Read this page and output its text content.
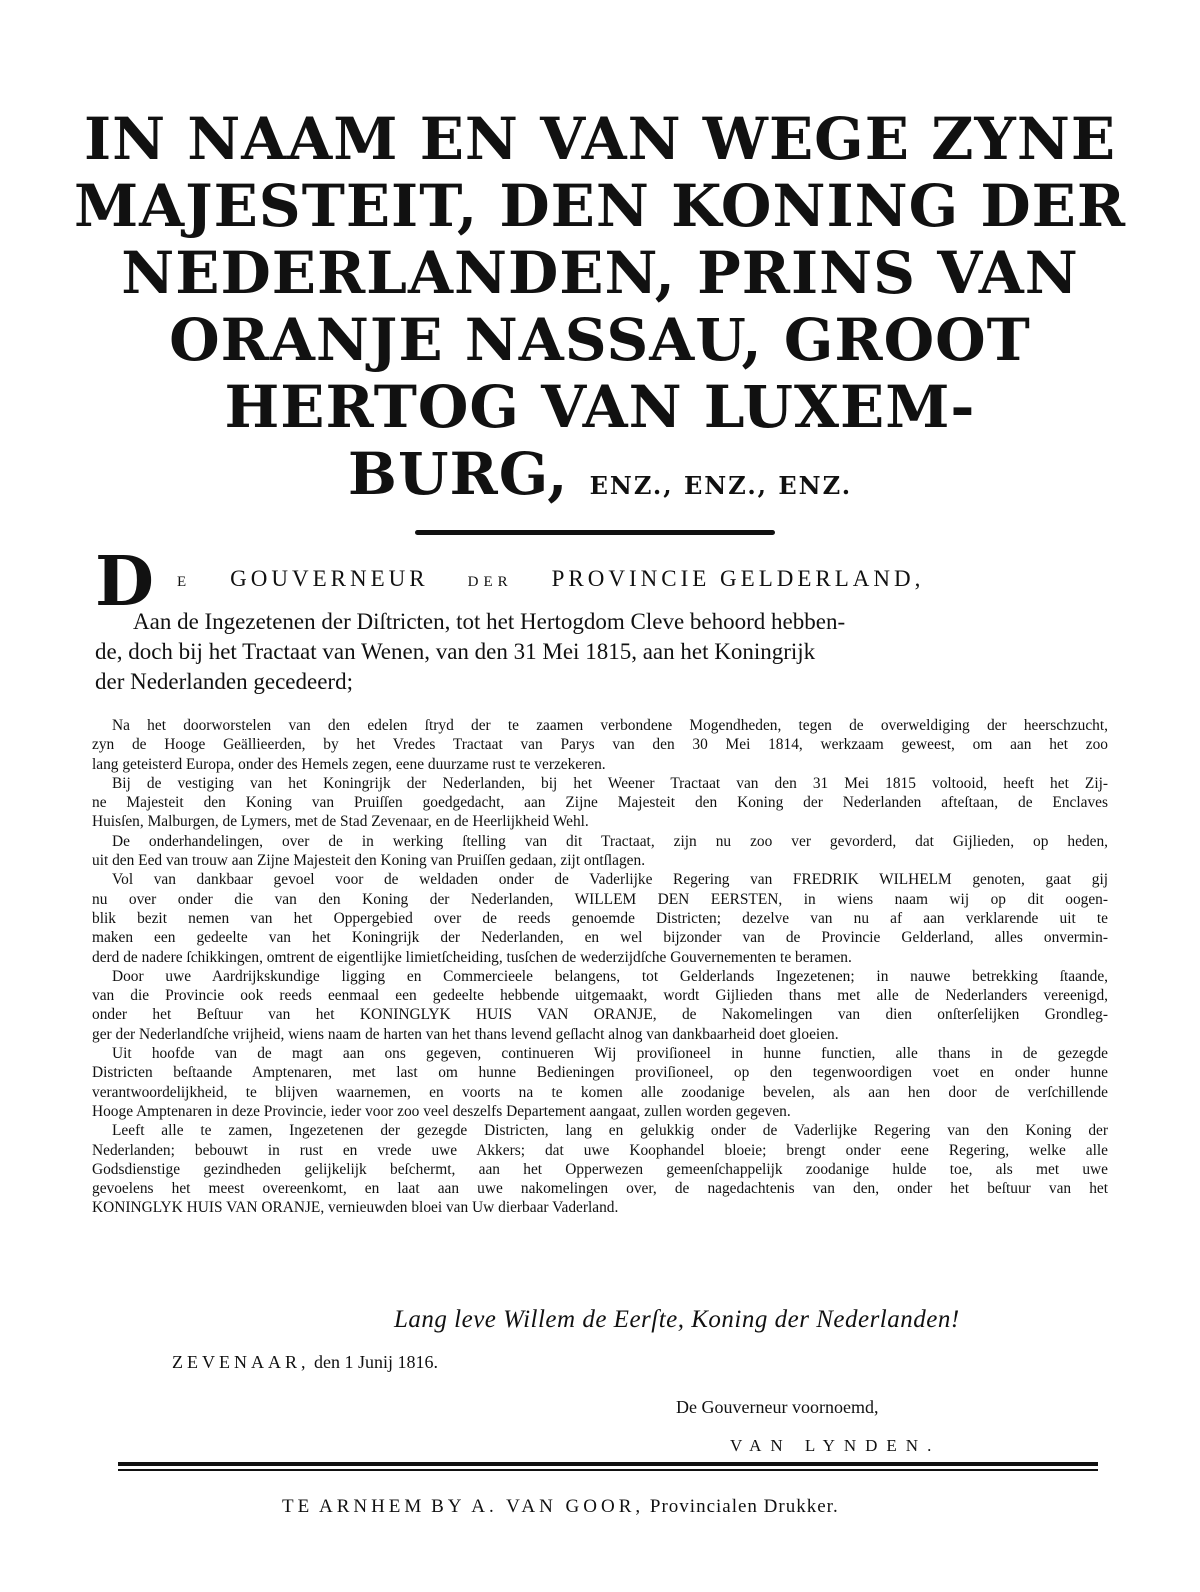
IN NAAM EN VAN WEGE ZYNE
MAJESTEIT, DEN KONING DER
NEDERLANDEN, PRINS VAN
ORANJE NASSAU, GROOT
HERTOG VAN LUXEM-
BURG, ENZ., ENZ., ENZ.
D E GOUVERNEUR	DER PROVINCIE GELDERLAND,
Aan de Ingezetenen der Diſtricten, tot het Hertogdom Cleve behoord hebben-
de, doch bij het Tractaat van Wenen, van den 31 Mei 1815, aan het Koningrijk
der Nederlanden gecedeerd;
Na het doorworstelen van den edelen ſtryd der te zaamen verbondene Mogendheden, tegen de overweldiging der heerschzucht,
zyn de Hooge Geällieerden, by het Vredes Tractaat van Parys van den 30 Mei 1814, werkzaam geweest, om aan het zoo
lang geteisterd Europa, onder des Hemels zegen, eene duurzame rust te verzekeren.
Bij de vestiging van het Koningrijk der Nederlanden, bij het Weener Tractaat van den 31 Mei 1815 voltooid, heeft het Zij-
ne Majesteit den Koning van Pruiſſen goedgedacht, aan Zijne Majesteit den Koning der Nederlanden afteſtaan, de Enclaves
Huisſen, Malburgen, de Lymers, met de Stad Zevenaar, en de Heerlijkheid Wehl.
De onderhandelingen, over de in werking ſtelling van dit Tractaat, zijn nu zoo ver gevorderd, dat Gijlieden, op heden,
uit den Eed van trouw aan Zijne Majesteit den Koning van Pruiſſen gedaan, zijt ontſlagen.
Vol van dankbaar gevoel voor de weldaden onder de Vaderlijke Regering van FREDRIK WILHELM genoten, gaat gij
nu over onder die van den Koning der Nederlanden, WILLEM DEN EERSTEN, in wiens naam wij op dit oogen-
blik bezit nemen van het Oppergebied over de reeds genoemde Districten; dezelve van nu af aan verklarende uit te
maken een gedeelte van het Koningrijk der Nederlanden, en wel bijzonder van de Provincie Gelderland, alles onvermin-
derd de nadere ſchikkingen, omtrent de eigentlijke limietſcheiding, tusſchen de wederzijdſche Gouvernementen te beramen.
Door uwe Aardrijkskundige ligging en Commercieele belangens, tot Gelderlands Ingezetenen; in nauwe betrekking ſtaande,
van die Provincie ook reeds eenmaal een gedeelte hebbende uitgemaakt, wordt Gijlieden thans met alle de Nederlanders vereenigd,
onder het Beſtuur van het KONINGLYK HUIS VAN ORANJE, de Nakomelingen van dien onſterſelijken Grondleg-
ger der Nederlandſche vrijheid, wiens naam de harten van het thans levend geſlacht alnog van dankbaarheid doet gloeien.
Uit hoofde van de magt aan ons gegeven, continueren Wij proviſioneel in hunne functien, alle thans in de gezegde
Districten beſtaande Amptenaren, met last om hunne Bedieningen proviſioneel, op den tegenwoordigen voet en onder hunne
verantwoordelijkheid, te blijven waarnemen, en voorts na te komen alle zoodanige bevelen, als aan hen door de verſchillende
Hooge Amptenaren in deze Provincie, ieder voor zoo veel deszelfs Departement aangaat, zullen worden gegeven.
Leeft alle te zamen, Ingezetenen der gezegde Districten, lang en gelukkig onder de Vaderlijke Regering van den Koning der
Nederlanden; bebouwt in rust en vrede uwe Akkers; dat uwe Koophandel bloeie; brengt onder eene Regering, welke alle
Godsdienstige gezindheden gelijkelijk beſchermt, aan het Opperwezen gemeenſchappelijk zoodanige hulde toe, als met uwe
gevoelens het meest overeenkomt, en laat aan uwe nakomelingen over, de nagedachtenis van den, onder het beſtuur van het
KONINGLYK HUIS VAN ORANJE, vernieuwden bloei van Uw dierbaar Vaderland.
Lang leve Willem de Eerſte, Koning der Nederlanden!
ZEVENAAR, den 1 Junij 1816.
De Gouverneur voornoemd,
VAN LYNDEN.
TE ARNHEM BY A. VAN GOOR, Provincialen Drukker.
